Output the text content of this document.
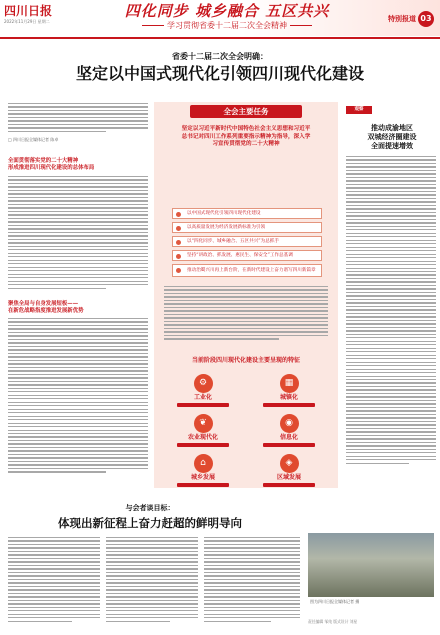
四川日报
2022年11月29日 星期二
四化同步 城乡融合 五区共兴
学习贯彻省委十二届二次全会精神
特别报道 03
省委十二届二次全会明确：
坚定以中国式现代化引领四川现代化建设
□ 四川日报全媒体记者 陈卓
全面贯彻落实党的二十大精神
形成推进四川现代化建设的总体布局
聚焦全局与自身发展短板——
在新危战略指度推进发展新优势
全会主要任务
坚定以习近平新时代中国特色社会主义思想和习近平总书记对四川工作系列重要指示精神为指导，深入学习宣传贯彻党的二十大精神
以中国式现代化引领四川现代化建设
以高质量发展为经济发展新标准为引领
以“四化同步、城乡融合、五区共兴”为总抓手
坚持“讲政治、抓发展、惠民生、保安全”工作总基调
推动治蜀兴川再上新台阶，在新时代建设上奋力谱写四川新篇章
当前阶段四川现代化建设主要呈现的特征
⚙
工业化
▦
城镇化
❦
农业现代化
◉
信息化
⌂
城乡发展
◈
区域发展
观察
推动成渝地区
双城经济圈建设
全面提速增效
与会者谈目标：
体现出新征程上奋力赶超的鲜明导向
图为四川日报全媒体记者 摄
责任编辑 邹纯 版式设计 刘星
